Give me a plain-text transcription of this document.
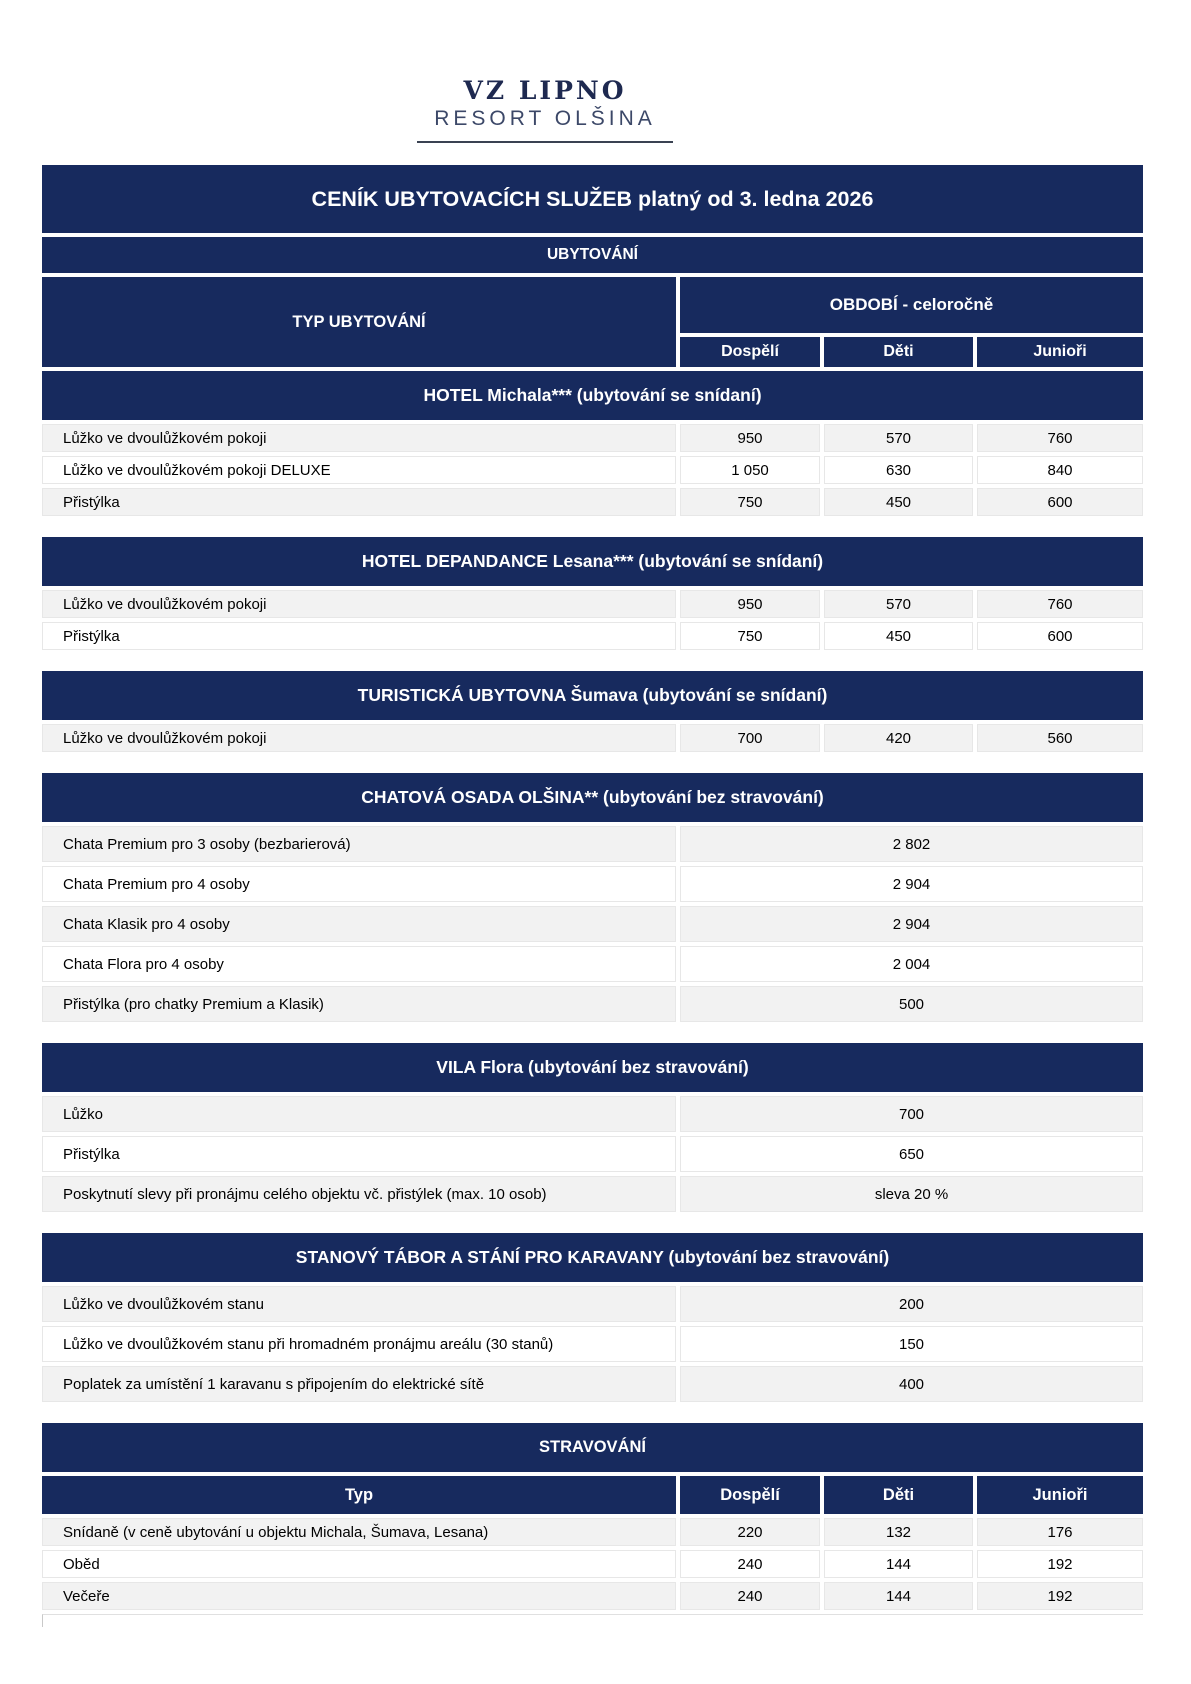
VZ LIPNO
RESORT OLŠINA
CENÍK UBYTOVACÍCH SLUŽEB platný od 3. ledna 2026
UBYTOVÁNÍ
TYP UBYTOVÁNÍ
OBDOBÍ - celoročně
Dospělí	Děti	Junioři
HOTEL Michala*** (ubytování se snídaní)
Lůžko ve dvoulůžkovém pokoji	950	570	760
Lůžko ve dvoulůžkovém pokoji DELUXE	1 050	630	840
Přistýlka	750	450	600
HOTEL DEPANDANCE Lesana*** (ubytování se snídaní)
Lůžko ve dvoulůžkovém pokoji	950	570	760
Přistýlka	750	450	600
TURISTICKÁ UBYTOVNA Šumava (ubytování se snídaní)
Lůžko ve dvoulůžkovém pokoji	700	420	560
CHATOVÁ OSADA OLŠINA** (ubytování bez stravování)
Chata Premium pro 3 osoby (bezbarierová)	2 802
Chata Premium pro 4 osoby	2 904
Chata Klasik pro 4 osoby	2 904
Chata Flora pro 4 osoby	2 004
Přistýlka (pro chatky Premium a Klasik)	500
VILA Flora (ubytování bez stravování)
Lůžko	700
Přistýlka	650
Poskytnutí slevy při pronájmu celého objektu vč. přistýlek (max. 10 osob)	sleva 20 %
STANOVÝ TÁBOR A STÁNÍ PRO KARAVANY (ubytování bez stravování)
Lůžko ve dvoulůžkovém stanu	200
Lůžko ve dvoulůžkovém stanu při hromadném pronájmu areálu (30 stanů)	150
Poplatek za umístění 1 karavanu s připojením do elektrické sítě	400
STRAVOVÁNÍ
Typ	Dospělí	Děti	Junioři
Snídaně (v ceně ubytování u objektu Michala, Šumava, Lesana)	220	132	176
Oběd	240	144	192
Večeře	240	144	192
